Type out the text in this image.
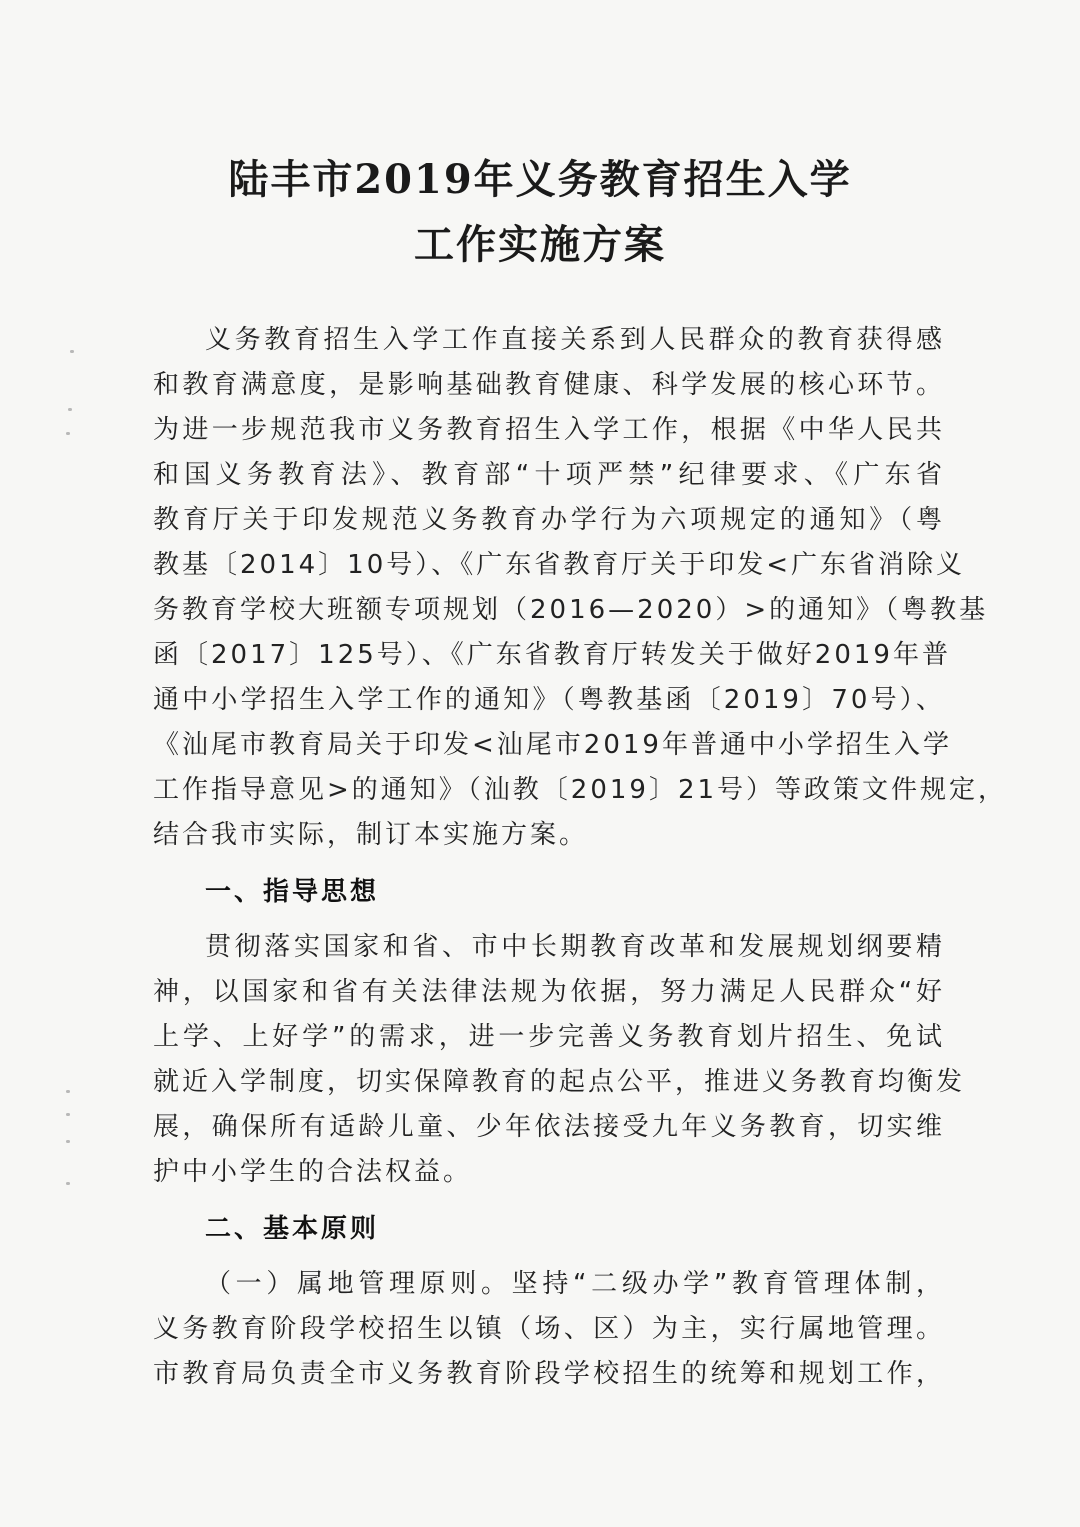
陆丰市2019年义务教育招生入学
工作实施方案
义务教育招生入学工作直接关系到人民群众的教育获得感
和教育满意度，是影响基础教育健康、科学发展的核心环节。
为进一步规范我市义务教育招生入学工作，根据《中华人民共
和国义务教育法》、教育部“十项严禁”纪律要求、《广东省
教育厅关于印发规范义务教育办学行为六项规定的通知》（粤
教基〔2014〕10号）、《广东省教育厅关于印发<广东省消除义
务教育学校大班额专项规划（2016—2020）>的通知》（粤教基
函〔2017〕125号）、《广东省教育厅转发关于做好2019年普
通中小学招生入学工作的通知》（粤教基函〔2019〕70号）、
《汕尾市教育局关于印发<汕尾市2019年普通中小学招生入学
工作指导意见>的通知》（汕教〔2019〕21号）等政策文件规定，
结合我市实际，制订本实施方案。
一、指导思想
贯彻落实国家和省、市中长期教育改革和发展规划纲要精
神，以国家和省有关法律法规为依据，努力满足人民群众“好
上学、上好学”的需求，进一步完善义务教育划片招生、免试
就近入学制度，切实保障教育的起点公平，推进义务教育均衡发
展，确保所有适龄儿童、少年依法接受九年义务教育，切实维
护中小学生的合法权益。
二、基本原则
（一）属地管理原则。坚持“二级办学”教育管理体制，
义务教育阶段学校招生以镇（场、区）为主，实行属地管理。
市教育局负责全市义务教育阶段学校招生的统筹和规划工作，
